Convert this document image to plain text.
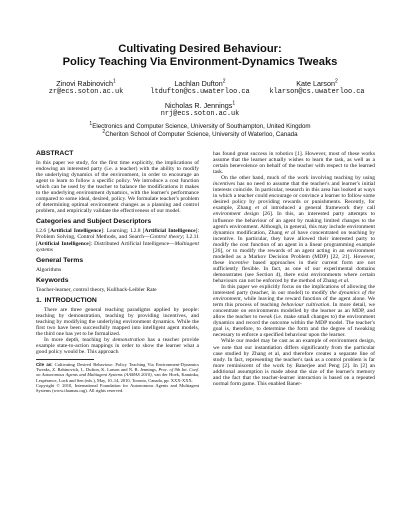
Cultivating Desired Behaviour:
Policy Teaching Via Environment-Dynamics Tweaks
Zinovi Rabinovich$^1$
zr@ecs.soton.ac.uk
Lachlan Dufton$^2$
ltdufton@cs.uwaterloo.ca
Kate Larson$^2$
klarson@cs.uwaterloo.ca
Nicholas R. Jennings$^1$
nrj@ecs.soton.ac.uk
$^1$Electronics and Computer Science, University of Southampton, United Kingdom
$^2$Cheriton School of Computer Science, University of Waterloo, Canada
ABSTRACT

In this paper we study, for the first time explicitly, the implications of endowing an interested party (i.e. a teacher) with the ability to modify the underlying dynamics of the environment, in order to encourage an agent to learn to follow a specific policy. We introduce a cost function which can be used by the teacher to balance the modifications it makes to the underlying environment dynamics, with the learner's performance compared to some ideal, desired, policy. We formulate teacher's problem of determining optimal environment changes as a planning and control problem, and empirically validate the effectiveness of our model.

Categories and Subject Descriptors

I.2.6 [Artificial Intelligence]: Learning; I.2.8 [Artificial Intelligence]: Problem Solving, Control Methods, and Search—Control theory; I.2.11 [Artificial Intelligence]: Distributed Artificial Intelligence—Multiagent systems

General Terms

Algorithms

Keywords

Teacher-learner, control theory, Kullback-Leibler Rate

1. INTRODUCTION

There are three general teaching paradigms applied by people: teaching by demonstration, teaching by providing incentives, and teaching by modifying the underlying environment dynamics. While the first two have been successfully mapped into intelligent agent models, the third one has yet to be formalized.

In more depth, teaching by demonstration has a teacher provide example state-to-action mappings in order to show the learner what a good policy would be. This approach

Cite as: Cultivating Desired Behaviour: Policy Teaching Via Environment-Dynamics Tweaks, Z. Rabinovich, L. Dufton, K. Larson and N. R. Jennings, Proc. of 9th Int. Conf. on Autonomous Agents and Multiagent Systems (AAMAS 2010), van der Hoek, Kaminka, Lespérance, Luck and Sen (eds.), May, 10–14, 2010, Toronto, Canada, pp. XXX-XXX.

Copyright © 2010, International Foundation for Autonomous Agents and Multiagent Systems (www.ifaamas.org). All rights reserved.

has found great success in robotics [1]. However, most of these works assume that the learner actually wishes to learn the task, as well as a certain benevolence on behalf of the teacher with respect to the learned task.

On the other hand, much of the work involving teaching by using incentives has no need to assume that the teacher's and learner's initial interests coincide. In particular, research in this area has looked at ways in which a teacher could encourage or convince a learner to follow some desired policy by providing rewards or punishments. Recently, for example, Zhang et al introduced a general framework they call environment design [26]. In this, an interested party attempts to influence the behaviour of an agent by making limited changes to the agent's environment. Although, in general, this may include environment dynamics modification, Zhang et al have concentrated on teaching by incentive. In particular, they have allowed their interested party to modify the cost function of an agent in a linear programming example [26], or to modify the rewards of an agent acting in an environment modelled as a Markov Decision Problem (MDP) [22, 21]. However, these incentive based approaches in their current form are not sufficiently flexible. In fact, as one of our experimental domains demonstrates (see Section 4), there exist environments where certain behaviours can not be enforced by the method of Zhang et al.

In this paper we explicitly focus on the implications of allowing the interested party (teacher, in our model) to modify the dynamics of the environment, while leaving the reward function of the agent alone. We term this process of teaching behaviour cultivation. In more detail, we concentrate on environments modelled by the learner as an MDP, and allow the teacher to tweak (i.e. make small changes to) the environment dynamics and record the outcome within the MDP model. The teacher's goal is, therefore, to determine the form and the degree of tweaking necessary to enforce a specified behaviour upon the learner.

While our model may be cast as an example of environment design, we note that our instantiation differs significantly from the particular case studied by Zhang et al, and therefore creates a separate line of study. In fact, representing the teacher's task as a control problem is far more reminiscent of the work by Banerjee and Peng [2]. In [2] an additional assumption is made about the size of the learner's memory and the fact that the teacher-learner interaction is based on a repeated normal form game. This enabled Baner-
